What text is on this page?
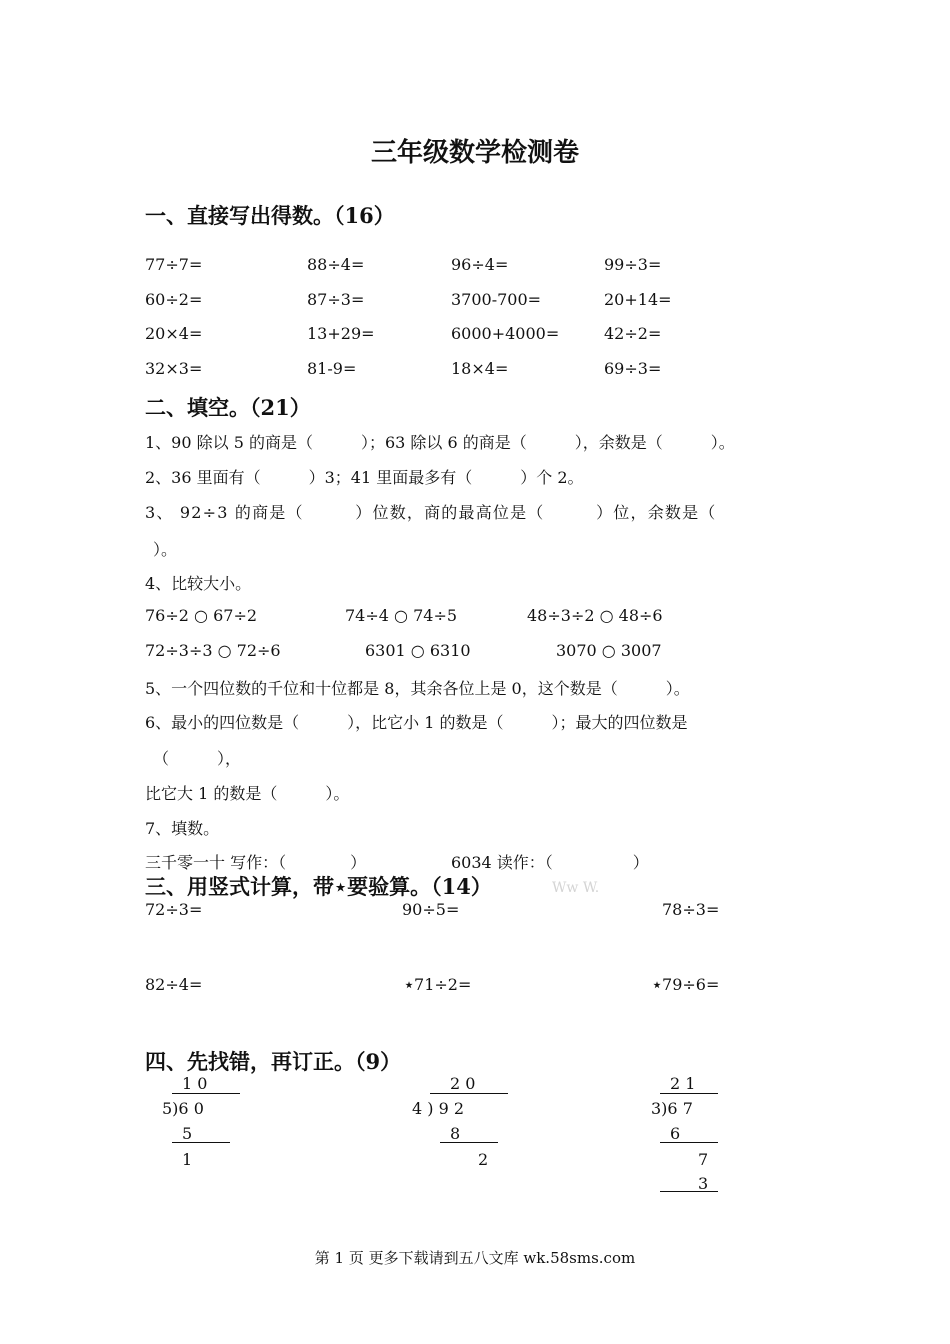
三年级数学检测卷
一、直接写出得数。（16）
77÷7=	88÷4=	96÷4=	99÷3=
60÷2=	87÷3=	3700-700=	20+14=
20×4=	13+29=	6000+4000=	42÷2=
32×3=	81-9=	18×4=	69÷3=
二、填空。（21）
1、90 除以 5 的商是（　　　）；63 除以 6 的商是（　　　），余数是（　　　）。
2、36 里面有（　　　）3；41 里面最多有（　　　）个 2。
3、 92÷3 的商是（　　　）位数，商的最高位是（　　　）位，余数是（
）。
4、比较大小。
76÷2 ○ 67÷2	74÷4 ○ 74÷5	48÷3÷2 ○ 48÷6
72÷3÷3 ○ 72÷6	6301 ○ 6310	3070 ○ 3007
5、一个四位数的千位和十位都是 8，其余各位上是 0，这个数是（　　　）。
6、最小的四位数是（　　　），比它小 1 的数是（　　　）；最大的四位数是
（　　　），
比它大 1 的数是（　　　）。
7、填数。
三千零一十 写作：（　　　　）	6034 读作：（　　　　　）
三、用竖式计算，带⋆要验算。（14）	Ww W.
72÷3=	90÷5=	78÷3=
82÷4=	⋆71÷2=	⋆79÷6=
四、先找错，再订正。（9）
1 0
5)6 0
5
1
2 0
4 ) 9 2
8
2
2 1
3)6 7
6
7
3
第 1 页 更多下载请到五八文库 wk.58sms.com
